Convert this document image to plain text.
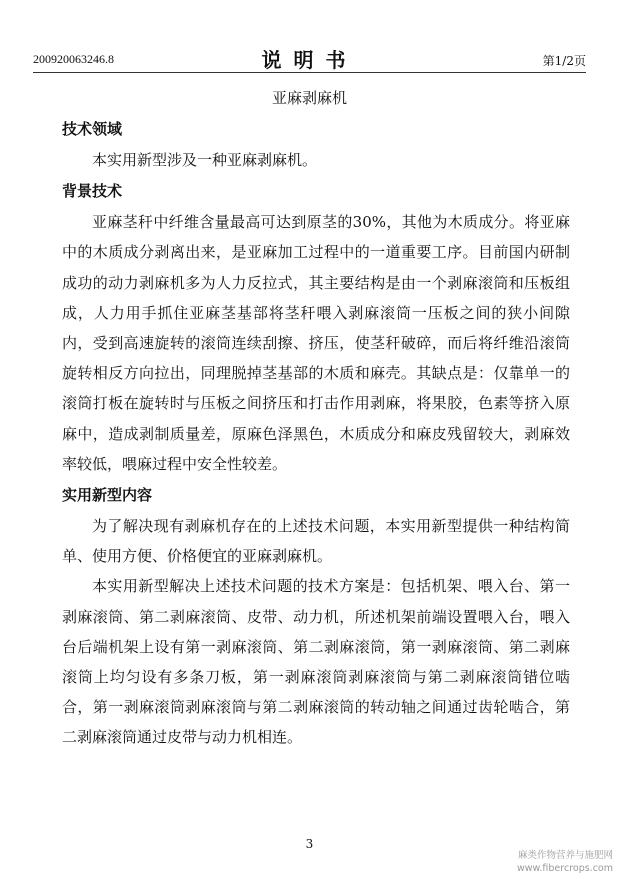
200920063246.8	说明书	第1/2页
亚麻剥麻机
技术领域

本实用新型涉及一种亚麻剥麻机。

背景技术

亚麻茎秆中纤维含量最高可达到原茎的30%，其他为木质成分。将亚麻中的木质成分剥离出来，是亚麻加工过程中的一道重要工序。目前国内研制成功的动力剥麻机多为人力反拉式，其主要结构是由一个剥麻滚筒和压板组成，人力用手抓住亚麻茎基部将茎秆喂入剥麻滚筒一压板之间的狭小间隙内，受到高速旋转的滚筒连续刮擦、挤压，使茎秆破碎，而后将纤维沿滚筒旋转相反方向拉出，同理脱掉茎基部的木质和麻壳。其缺点是：仅靠单一的滚筒打板在旋转时与压板之间挤压和打击作用剥麻，将果胶，色素等挤入原麻中，造成剥制质量差，原麻色泽黑色，木质成分和麻皮残留较大，剥麻效率较低，喂麻过程中安全性较差。

实用新型内容

为了解决现有剥麻机存在的上述技术问题，本实用新型提供一种结构简单、使用方便、价格便宜的亚麻剥麻机。

本实用新型解决上述技术问题的技术方案是：包括机架、喂入台、第一剥麻滚筒、第二剥麻滚筒、皮带、动力机，所述机架前端设置喂入台，喂入台后端机架上设有第一剥麻滚筒、第二剥麻滚筒，第一剥麻滚筒、第二剥麻滚筒上均匀设有多条刀板，第一剥麻滚筒剥麻滚筒与第二剥麻滚筒错位啮合，第一剥麻滚筒剥麻滚筒与第二剥麻滚筒的转动轴之间通过齿轮啮合，第二剥麻滚筒通过皮带与动力机相连。

3
麻类作物营养与施肥网
www.fibercrops.com
